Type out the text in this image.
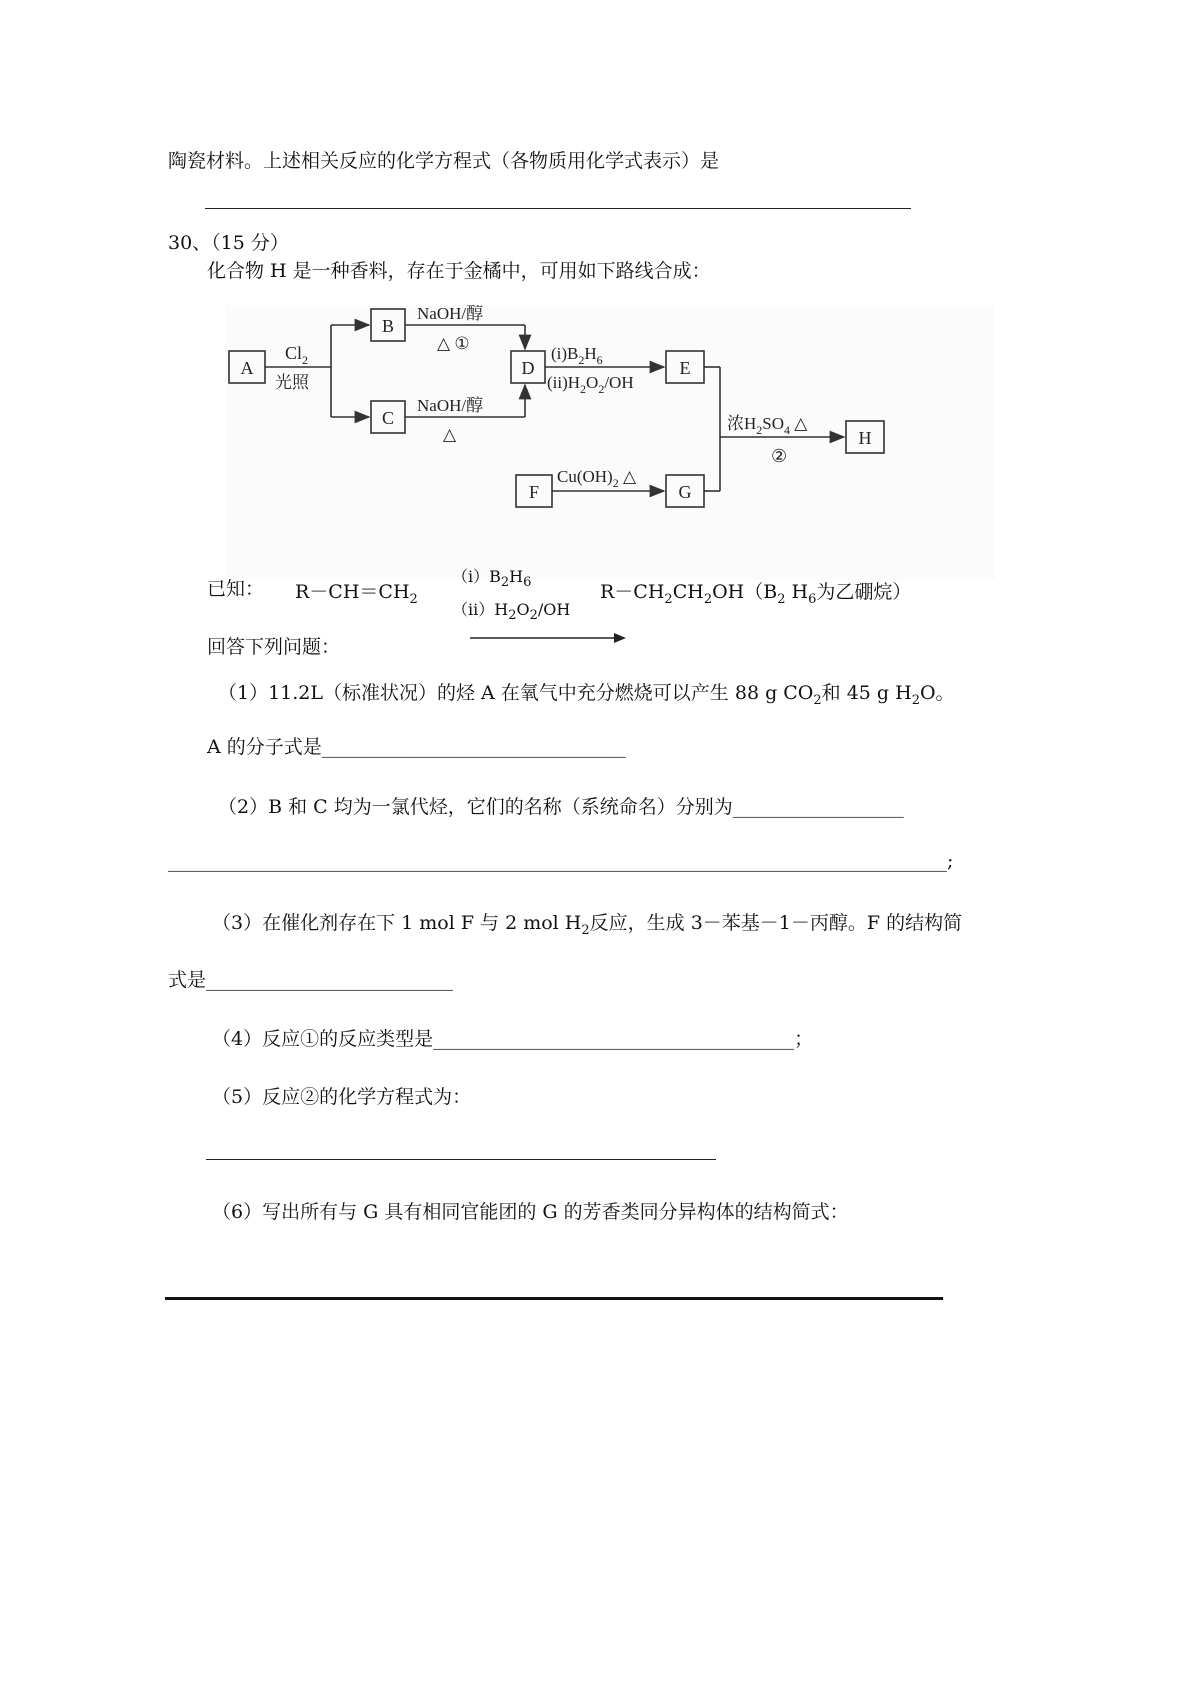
陶瓷材料。上述相关反应的化学方程式（各物质用化学式表示）是
30、（15 分）
化合物 H 是一种香料，存在于金橘中，可用如下路线合成：
A
B
C
D	E
H
F	G
$Cl_2$
光照
NaOH/醇
△ ①
NaOH/醇
△
$(i)B_2H_6$
$(ii)H_2O_2/OH$
浓$H_2SO_4$ △
②
$Cu(OH)_2$ △
已知： $R-CH=CH_2$
$(i)B_2H_6$
$(ii)H_2O_2/OH$
$R-CH_2CH_2OH(B_2$ $H_6$为乙硼烷）
回答下列问题：
（1）11.2L（标准状况）的烃 A 在氧气中充分燃烧可以产生 88 g $CO_2$和 45 g $H_2O$。
A 的分子式是________________________________
（2）B 和 C 均为一氯代烃，它们的名称（系统命名）分别为__________________
__________________________________________________________________________________;
（3）在催化剂存在下 1 mol F 与 2 mol $H_2$反应，生成 3－苯基－1－丙醇。F 的结构简
式是__________________________
（4）反应①的反应类型是______________________________________；
（5）反应②的化学方程式为：
（6）写出所有与 G 具有相同官能团的 G 的芳香类同分异构体的结构简式：
